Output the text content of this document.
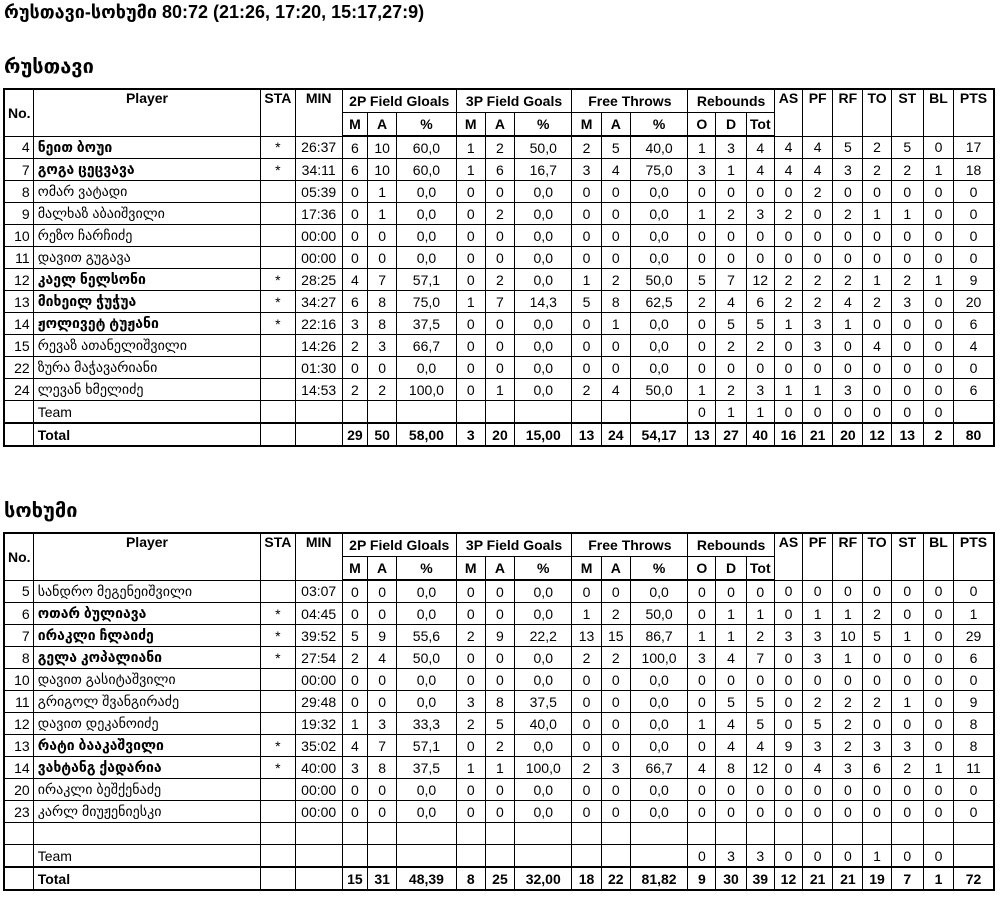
რუსთავი-სოხუმი 80:72 (21:26, 17:20, 15:17,27:9)
რუსთავი
No.	Player	STA	MIN	2P Field Gloals			3P Field Goals			Free Throws			Rebounds			AS	PF	RF	TO	ST	BL	PTS
				M	A	%	M	A	%	M	A	%	O	D	Tot							
4	ნეით ბოუი	*	26:37	6	10	60,0	1	2	50,0	2	5	40,0	1	3	4	4	4	5	2	5	0	17
7	გოგა ცეცვავა	*	34:11	6	10	60,0	1	6	16,7	3	4	75,0	3	1	4	4	4	3	2	2	1	18
8	ომარ ვატადი		05:39	0	1	0,0	0	0	0,0	0	0	0,0	0	0	0	0	2	0	0	0	0	0
9	მალხაზ აბაიშვილი		17:36	0	1	0,0	0	2	0,0	0	0	0,0	1	2	3	2	0	2	1	1	0	0
10	რეზო ჩარჩიძე		00:00	0	0	0,0	0	0	0,0	0	0	0,0	0	0	0	0	0	0	0	0	0	0
11	დავით გუგავა		00:00	0	0	0,0	0	0	0,0	0	0	0,0	0	0	0	0	0	0	0	0	0	0
12	კაელ ნელსონი	*	28:25	4	7	57,1	0	2	0,0	1	2	50,0	5	7	12	2	2	2	1	2	1	9
13	მიხეილ ჭუჭუა	*	34:27	6	8	75,0	1	7	14,3	5	8	62,5	2	4	6	2	2	4	2	3	0	20
14	ჟოლივეტ ტუჟანი	*	22:16	3	8	37,5	0	0	0,0	0	1	0,0	0	5	5	1	3	1	0	0	0	6
15	რევაზ ათანელიშვილი		14:26	2	3	66,7	0	0	0,0	0	0	0,0	0	2	2	0	3	0	4	0	0	4
22	ზურა მაჭავარიანი		01:30	0	0	0,0	0	0	0,0	0	0	0,0	0	0	0	0	0	0	0	0	0	0
24	ლევან ხმელიძე		14:53	2	2	100,0	0	1	0,0	2	4	50,0	1	2	3	1	1	3	0	0	0	6
	Team												0	1	1	0	0	0	0	0	0	
	Total			29	50	58,00	3	20	15,00	13	24	54,17	13	27	40	16	21	20	12	13	2	80
სოხუმი
No.	Player	STA	MIN	2P Field Gloals			3P Field Goals			Free Throws			Rebounds			AS	PF	RF	TO	ST	BL	PTS
				M	A	%	M	A	%	M	A	%	O	D	Tot							
5	სანდრო მეგენეიშვილი		03:07	0	0	0,0	0	0	0,0	0	0	0,0	0	0	0	0	0	0	0	0	0	0
6	ოთარ ბულიავა	*	04:45	0	0	0,0	0	0	0,0	1	2	50,0	0	1	1	0	1	1	2	0	0	1
7	ირაკლი ჩლაიძე	*	39:52	5	9	55,6	2	9	22,2	13	15	86,7	1	1	2	3	3	10	5	1	0	29
8	გელა კოპალიანი	*	27:54	2	4	50,0	0	0	0,0	2	2	100,0	3	4	7	0	3	1	0	0	0	6
10	დავით გასიტაშვილი		00:00	0	0	0,0	0	0	0,0	0	0	0,0	0	0	0	0	0	0	0	0	0	0
11	გრიგოლ შვანგირაძე		29:48	0	0	0,0	3	8	37,5	0	0	0,0	0	5	5	0	2	2	2	1	0	9
12	დავით დეკანოიძე		19:32	1	3	33,3	2	5	40,0	0	0	0,0	1	4	5	0	5	2	0	0	0	8
13	რატი ბააკაშვილი	*	35:02	4	7	57,1	0	2	0,0	0	0	0,0	0	4	4	9	3	2	3	3	0	8
14	ვახტანგ ქადარია	*	40:00	3	8	37,5	1	1	100,0	2	3	66,7	4	8	12	0	4	3	6	2	1	11
20	ირაკლი ბეშქენაძე		00:00	0	0	0,0	0	0	0,0	0	0	0,0	0	0	0	0	0	0	0	0	0	0
23	კარლ მიუჟენიესკი		00:00	0	0	0,0	0	0	0,0	0	0	0,0	0	0	0	0	0	0	0	0	0	0

	Team												0	3	3	0	0	0	1	0	0	
	Total			15	31	48,39	8	25	32,00	18	22	81,82	9	30	39	12	21	21	19	7	1	72
